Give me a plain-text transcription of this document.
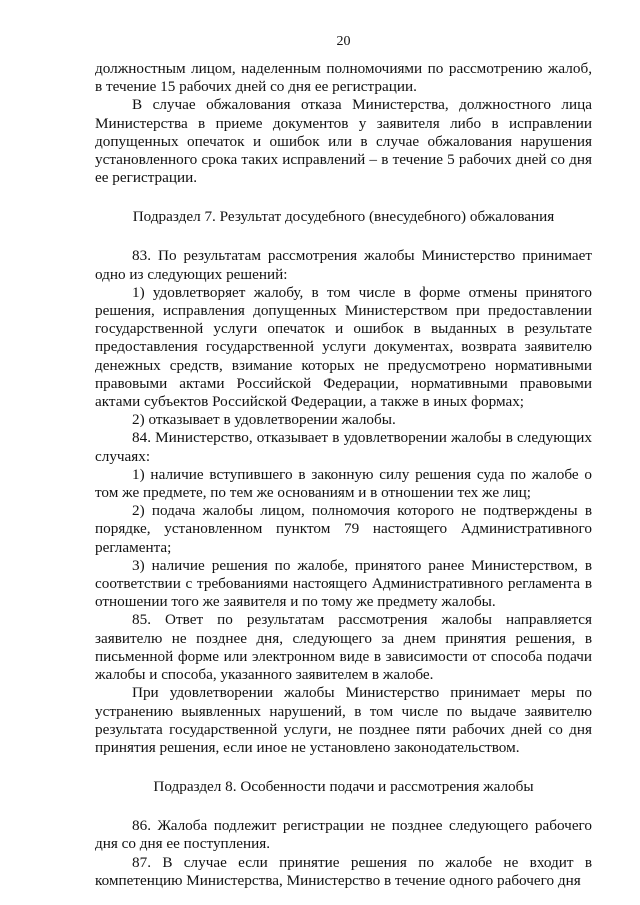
20

должностным лицом, наделенным полномочиями по рассмотрению жалоб, в течение 15 рабочих дней со дня ее регистрации.

В случае обжалования отказа Министерства, должностного лица Министерства в приеме документов у заявителя либо в исправлении допущенных опечаток и ошибок или в случае обжалования нарушения установленного срока таких исправлений – в течение 5 рабочих дней со дня ее регистрации.

Подраздел 7. Результат досудебного (внесудебного) обжалования

83. По результатам рассмотрения жалобы Министерство принимает одно из следующих решений:

1) удовлетворяет жалобу, в том числе в форме отмены принятого решения, исправления допущенных Министерством при предоставлении государственной услуги опечаток и ошибок в выданных в результате предоставления государственной услуги документах, возврата заявителю денежных средств, взимание которых не предусмотрено нормативными правовыми актами Российской Федерации, нормативными правовыми актами субъектов Российской Федерации, а также в иных формах;

2) отказывает в удовлетворении жалобы.

84. Министерство, отказывает в удовлетворении жалобы в следующих случаях:

1) наличие вступившего в законную силу решения суда по жалобе о том же предмете, по тем же основаниям и в отношении тех же лиц;

2) подача жалобы лицом, полномочия которого не подтверждены в порядке, установленном пунктом 79 настоящего Административного регламента;

3) наличие решения по жалобе, принятого ранее Министерством, в соответствии с требованиями настоящего Административного регламента в отношении того же заявителя и по тому же предмету жалобы.

85. Ответ по результатам рассмотрения жалобы направляется заявителю не позднее дня, следующего за днем принятия решения, в письменной форме или электронном виде в зависимости от способа подачи жалобы и способа, указанного заявителем в жалобе.

При удовлетворении жалобы Министерство принимает меры по устранению выявленных нарушений, в том числе по выдаче заявителю результата государственной услуги, не позднее пяти рабочих дней со дня принятия решения, если иное не установлено законодательством.

Подраздел 8. Особенности подачи и рассмотрения жалобы

86. Жалоба подлежит регистрации не позднее следующего рабочего дня со дня ее поступления.

87. В случае если принятие решения по жалобе не входит в компетенцию Министерства, Министерство в течение одного рабочего дня
